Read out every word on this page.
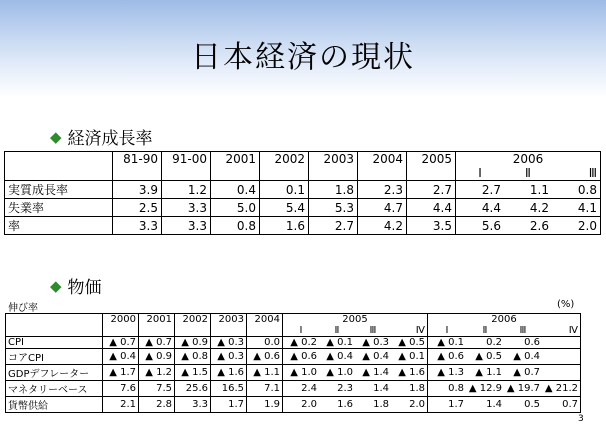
日本経済の現状
◆ 経済成長率
	81-90	91-00	2001	2002	2003	2004	2005	2006		
								Ⅰ	Ⅱ	Ⅲ
実質成長率	3.9	1.2	0.4	0.1	1.8	2.3	2.7	2.7	1.1	0.8
失業率	2.5	3.3	5.0	5.4	5.3	4.7	4.4	4.4	4.2	4.1
率	3.3	3.3	0.8	1.6	2.7	4.2	3.5	5.6	2.6	2.0
◆ 物価
伸び率	(%)
	2000	2001	2002	2003	2004	2005				2006			
						Ⅰ	Ⅱ	Ⅲ	Ⅳ	Ⅰ	Ⅱ	Ⅲ	Ⅳ
CPI	▲ 0.7	▲ 0.7	▲ 0.9	▲ 0.3	0.0	▲ 0.2	▲ 0.1	▲ 0.3	▲ 0.5	▲ 0.1	0.2	0.6	
コアCPI	▲ 0.4	▲ 0.9	▲ 0.8	▲ 0.3	▲ 0.6	▲ 0.6	▲ 0.4	▲ 0.4	▲ 0.1	▲ 0.6	▲ 0.5	▲ 0.4	
GDPデフレーター	▲ 1.7	▲ 1.2	▲ 1.5	▲ 1.6	▲ 1.1	▲ 1.0	▲ 1.0	▲ 1.4	▲ 1.6	▲ 1.3	▲ 1.1	▲ 0.7	
マネタリーベース	7.6	7.5	25.6	16.5	7.1	2.4	2.3	1.4	1.8	0.8	▲ 12.9	▲ 19.7	▲ 21.2
貨幣供給	2.1	2.8	3.3	1.7	1.9	2.0	1.6	1.8	2.0	1.7	1.4	0.5	0.7
3
